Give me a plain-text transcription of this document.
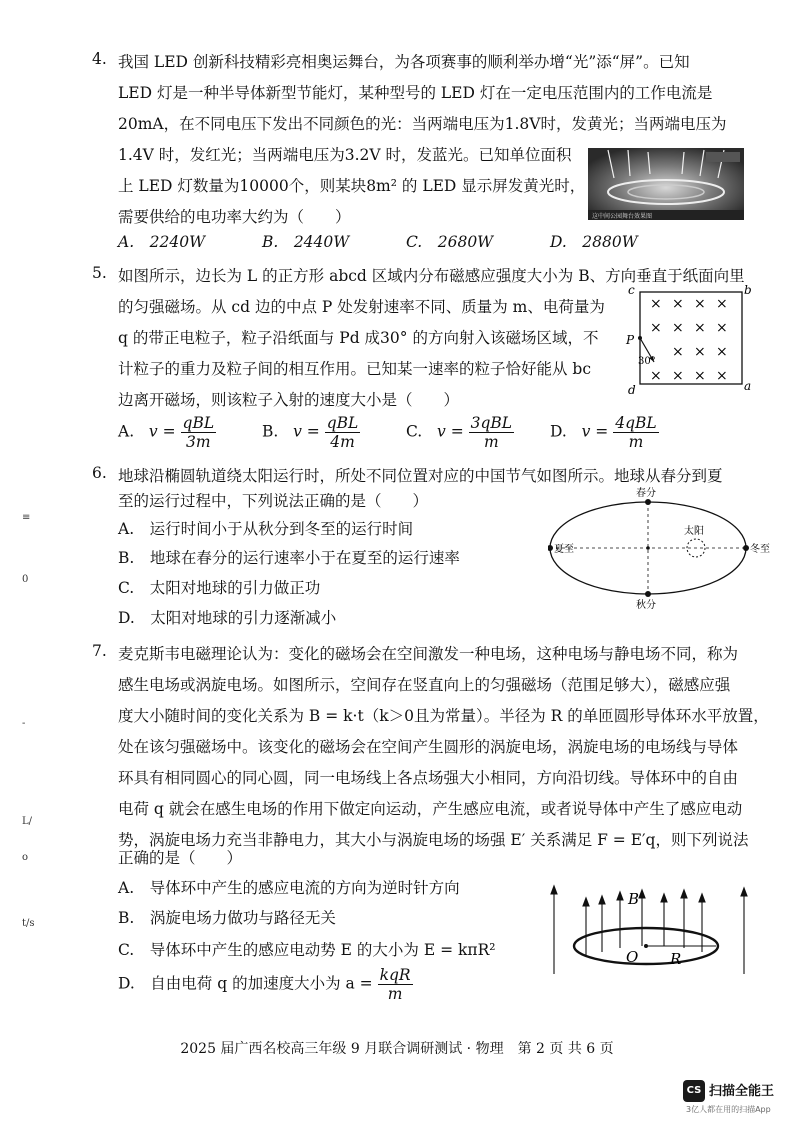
4. 我国 LED 创新科技精彩亮相奥运舞台，为各项赛事的顺利举办增“光”添“屏”。已知
LED 灯是一种半导体新型节能灯，某种型号的 LED 灯在一定电压范围内的工作电流是
20mA，在不同电压下发出不同颜色的光：当两端电压为1.8V时，发黄光；当两端电压为
1.4V 时，发红光；当两端电压为3.2V 时，发蓝光。已知单位面积
上 LED 灯数量为10000个，则某块8m² 的 LED 显示屏发黄光时，
需要供给的电功率大约为（　　）	这中间公园舞台效果图
A.　2240W	B.　2440W	C.　2680W	D.　2880W
5. 如图所示，边长为 L 的正方形 abcd 区域内分布磁感应强度大小为 B、方向垂直于纸面向里
的匀强磁场。从 cd 边的中点 P 处发射速率不同、质量为 m、电荷量为
q 的带正电粒子，粒子沿纸面与 Pd 成30° 的方向射入该磁场区域，不
计粒子的重力及粒子间的相互作用。已知某一速率的粒子恰好能从 bc
边离开磁场，则该粒子入射的速度大小是（　　）
c	b
a
d
P
30°
× × × ×
× × × ×
× × ×
× × × ×
A. $v = \frac{\text{qBL}}{3m}$	B. $v = \frac{\text{qBL}}{4m}$	C. $v = \frac{\text{3qBL}}{m} D$. $v = \frac{\text{4qBL}}{m}$
6. 地球沿椭圆轨道绕太阳运行时，所处不同位置对应的中国节气如图所示。地球从春分到夏
至的运行过程中，下列说法正确的是（　　）
A.　运行时间小于从秋分到冬至的运行时间
B.　地球在春分的运行速率小于在夏至的运行速率
C.　太阳对地球的引力做正功
D.　太阳对地球的引力逐渐减小
春分
夏至
太阳
冬至
秋分
7. 麦克斯韦电磁理论认为：变化的磁场会在空间激发一种电场，这种电场与静电场不同，称为
感生电场或涡旋电场。如图所示，空间存在竖直向上的匀强磁场（范围足够大），磁感应强
度大小随时间的变化关系为 B = k·t（k＞0且为常量）。半径为 R 的单匝圆形导体环水平放置，
处在该匀强磁场中。该变化的磁场会在空间产生圆形的涡旋电场，涡旋电场的电场线与导体
环具有相同圆心的同心圆，同一电场线上各点场强大小相同，方向沿切线。导体环中的自由
电荷 q 就会在感生电场的作用下做定向运动，产生感应电流，或者说导体中产生了感应电动
势，涡旋电场力充当非静电力，其大小与涡旋电场的场强 E′ 关系满足 F = E′q，则下列说法
正确的是（　　）
A.　导体环中产生的感应电流的方向为逆时针方向
B.　涡旋电场力做功与路径无关
C.　导体环中产生的感应电动势 E 的大小为 E = kπR²
D.　自由电荷 q 的加速度大小为 $a = \frac{\text{kqR}}{m}$
B
O R
≡
0
-
L/
o
t/s
2025 届广西名校高三年级 9 月联合调研测试 · 物理　第 2 页 共 6 页
CS 扫描全能王
3亿人都在用的扫描App
